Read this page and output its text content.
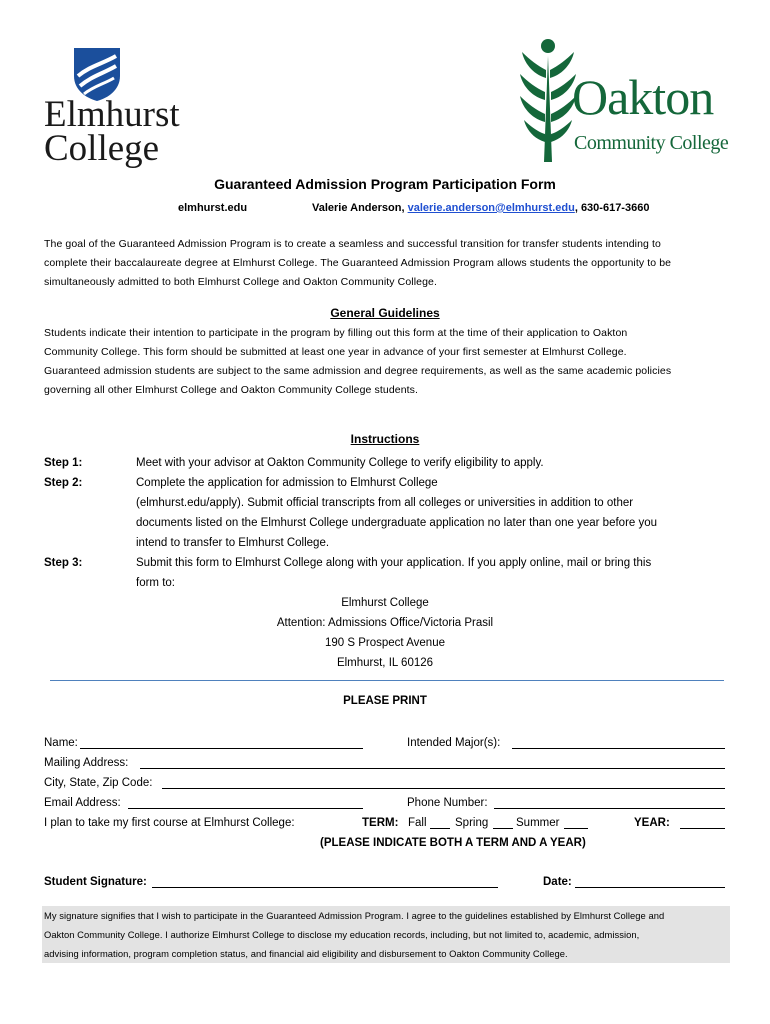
Elmhurst
College
Oakton
Community College
Guaranteed Admission Program Participation Form
elmhurst.edu	Valerie Anderson, valerie.anderson@elmhurst.edu, 630-617-3660
The goal of the Guaranteed Admission Program is to create a seamless and successful transition for transfer students intending to
complete their baccalaureate degree at Elmhurst College. The Guaranteed Admission Program allows students the opportunity to be
simultaneously admitted to both Elmhurst College and Oakton Community College.
General Guidelines
Students indicate their intention to participate in the program by filling out this form at the time of their application to Oakton
Community College. This form should be submitted at least one year in advance of your first semester at Elmhurst College.
Guaranteed admission students are subject to the same admission and degree requirements, as well as the same academic policies
governing all other Elmhurst College and Oakton Community College students.
Instructions
Step 1:	Meet with your advisor at Oakton Community College to verify eligibility to apply.
Step 2:	Complete the application for admission to Elmhurst College
(elmhurst.edu/apply). Submit official transcripts from all colleges or universities in addition to other
documents listed on the Elmhurst College undergraduate application no later than one year before you
intend to transfer to Elmhurst College.
Step 3:	Submit this form to Elmhurst College along with your application. If you apply online, mail or bring this
form to:
Elmhurst College
Attention: Admissions Office/Victoria Prasil
190 S Prospect Avenue
Elmhurst, IL 60126
PLEASE PRINT
Name:	Intended Major(s):
Mailing Address:
City, State, Zip Code:
Email Address:	Phone Number:
I plan to take my first course at Elmhurst College:	TERM: Fall Spring Summer	YEAR:
(PLEASE INDICATE BOTH A TERM AND A YEAR)
Student Signature:	Date:
My signature signifies that I wish to participate in the Guaranteed Admission Program. I agree to the guidelines established by Elmhurst College and
Oakton Community College. I authorize Elmhurst College to disclose my education records, including, but not limited to, academic, admission,
advising information, program completion status, and financial aid eligibility and disbursement to Oakton Community College.
